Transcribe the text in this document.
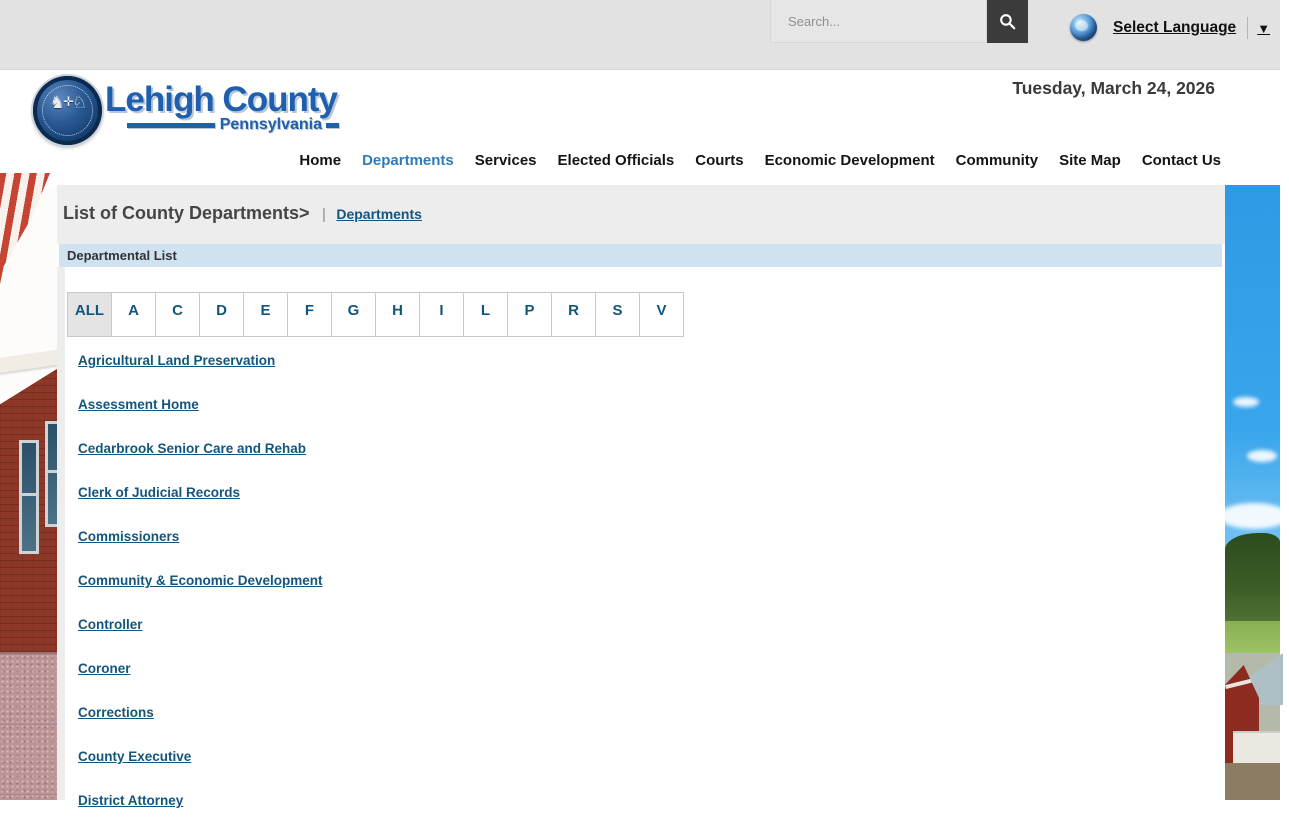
Search...
Select Language ▼
♞✛♘ Lehigh County
Pennsylvania
Tuesday, March 24, 2026
Home Departments Services Elected Officials Courts Economic Development Community Site Map Contact Us
List of County Departments> | Departments
Departmental List
ALL	A	C	D	E	F	G	H	I	L	P	R	S	V
Agricultural Land Preservation
Assessment Home
Cedarbrook Senior Care and Rehab
Clerk of Judicial Records
Commissioners
Community & Economic Development
Controller
Coroner
Corrections
County Executive
District Attorney
